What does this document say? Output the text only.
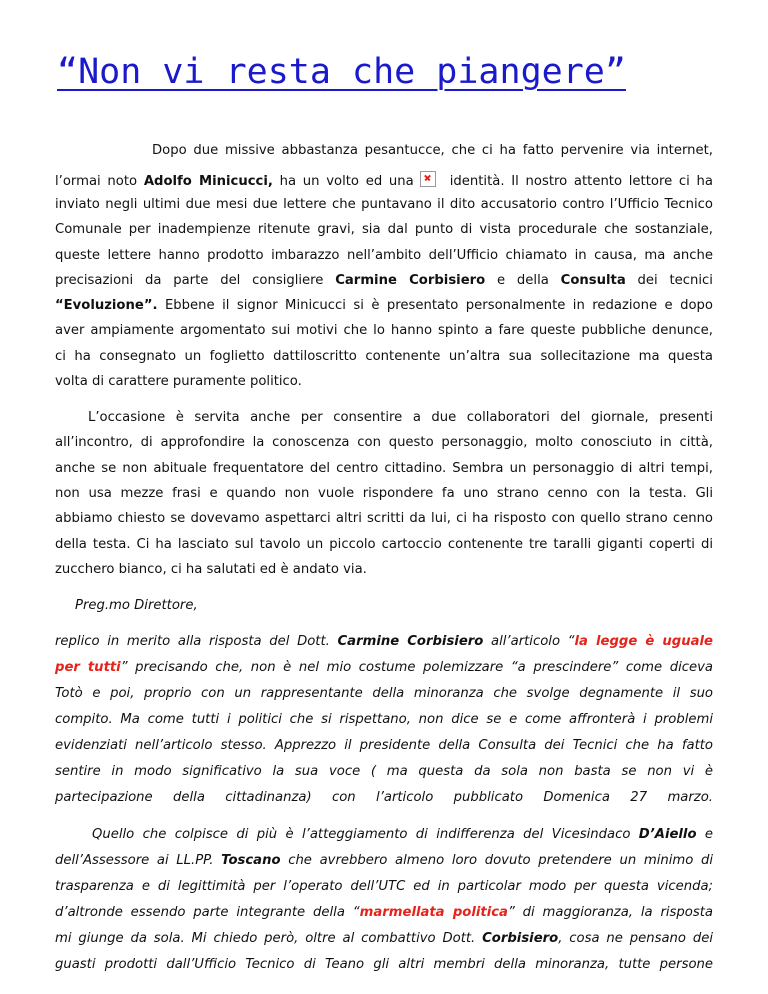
“Non vi resta che piangere”
Dopo due missive abbastanza pesantucce, che ci ha fatto pervenire via internet,
l’ormai noto Adolfo Minicucci, ha un volto ed una	identità. Il nostro attento lettore ci ha
inviato negli ultimi due mesi due lettere che puntavano il dito accusatorio contro l’Ufficio Tecnico
Comunale per inadempienze ritenute gravi, sia dal punto di vista procedurale che sostanziale,
queste lettere hanno prodotto imbarazzo nell’ambito dell’Ufficio chiamato in causa, ma anche
precisazioni da parte del consigliere Carmine Corbisiero e della Consulta dei tecnici
“Evoluzione”. Ebbene il signor Minicucci si è presentato personalmente in redazione e dopo
aver ampiamente argomentato sui motivi che lo hanno spinto a fare queste pubbliche denunce,
ci ha consegnato un foglietto dattiloscritto contenente un’altra sua sollecitazione ma questa
volta di carattere puramente politico.
L’occasione è servita anche per consentire a due collaboratori del giornale, presenti
all’incontro, di approfondire la conoscenza con questo personaggio, molto conosciuto in città,
anche se non abituale frequentatore del centro cittadino. Sembra un personaggio di altri tempi,
non usa mezze frasi e quando non vuole rispondere fa uno strano cenno con la testa. Gli
abbiamo chiesto se dovevamo aspettarci altri scritti da lui, ci ha risposto con quello strano cenno
della testa. Ci ha lasciato sul tavolo un piccolo cartoccio contenente tre taralli giganti coperti di
zucchero bianco, ci ha salutati ed è andato via.
Preg.mo Direttore,
replico in merito alla risposta del Dott. Carmine Corbisiero all’articolo “la legge è uguale
per tutti” precisando che, non è nel mio costume polemizzare “a prescindere” come diceva
Totò e poi, proprio con un rappresentante della minoranza che svolge degnamente il suo
compito. Ma come tutti i politici che si rispettano, non dice se e come affronterà i problemi
evidenziati nell’articolo stesso. Apprezzo il presidente della Consulta dei Tecnici che ha fatto
sentire in modo significativo la sua voce ( ma questa da sola non basta se non vi è
partecipazione della cittadinanza) con l’articolo pubblicato Domenica 27 marzo.
Quello che colpisce di più è l’atteggiamento di indifferenza del Vicesindaco D’Aiello e
dell’Assessore ai LL.PP. Toscano che avrebbero almeno loro dovuto pretendere un minimo di
trasparenza e di legittimità per l’operato dell’UTC ed in particolar modo per questa vicenda;
d’altronde essendo parte integrante della “marmellata politica” di maggioranza, la risposta
mi giunge da sola. Mi chiedo però, oltre al combattivo Dott. Corbisiero, cosa ne pensano dei
guasti prodotti dall’Ufficio Tecnico di Teano gli altri membri della minoranza, tutte persone
